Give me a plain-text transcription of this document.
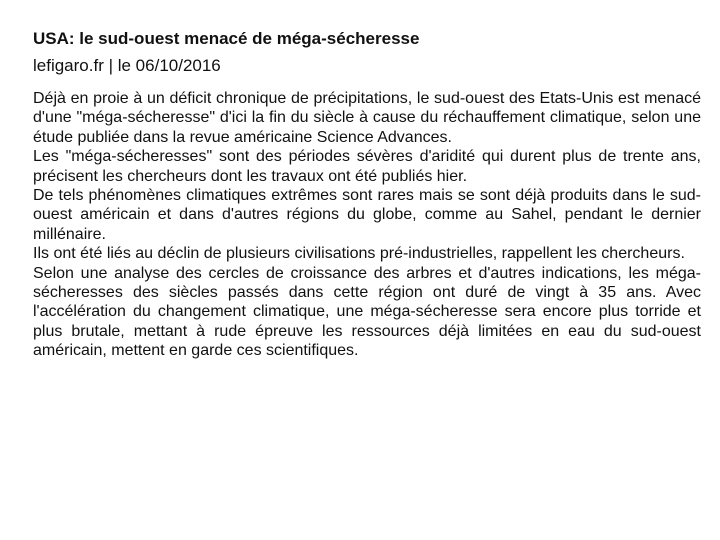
USA: le sud-ouest menacé de méga-sécheresse
lefigaro.fr | le 06/10/2016

Déjà en proie à un déficit chronique de précipitations, le sud-ouest des Etats-Unis est menacé d'une "méga-sécheresse" d'ici la fin du siècle à cause du réchauffement climatique, selon une étude publiée dans la revue américaine Science Advances.

Les "méga-sécheresses" sont des périodes sévères d'aridité qui durent plus de trente ans, précisent les chercheurs dont les travaux ont été publiés hier.

De tels phénomènes climatiques extrêmes sont rares mais se sont déjà produits dans le sud-ouest américain et dans d'autres régions du globe, comme au Sahel, pendant le dernier millénaire.

Ils ont été liés au déclin de plusieurs civilisations pré-industrielles, rappellent les chercheurs.

Selon une analyse des cercles de croissance des arbres et d'autres indications, les méga-sécheresses des siècles passés dans cette région ont duré de vingt à 35 ans. Avec l'accélération du changement climatique, une méga-sécheresse sera encore plus torride et plus brutale, mettant à rude épreuve les ressources déjà limitées en eau du sud-ouest américain, mettent en garde ces scientifiques.
